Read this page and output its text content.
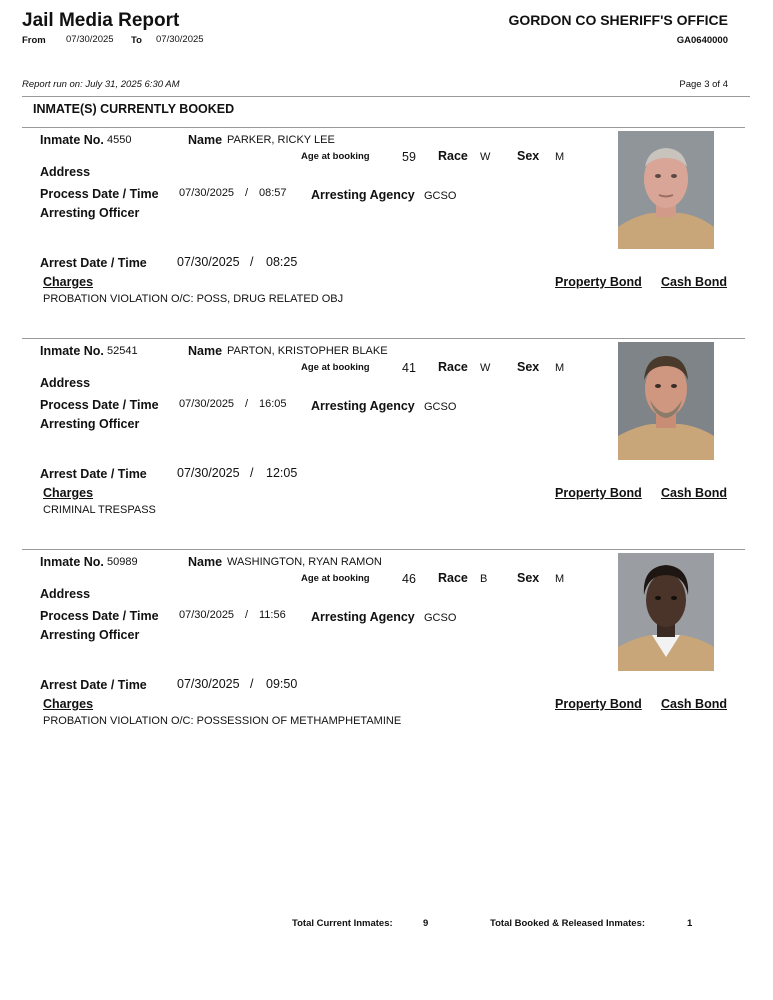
Jail Media Report
From 07/30/2025 To 07/30/2025
GORDON CO SHERIFF'S OFFICE
GA0640000
Report run on: July 31, 2025 6:30 AM	Page 3 of 4
INMATE(S) CURRENTLY BOOKED
Inmate No. 4550	Name PARKER, RICKY LEE
Age at booking	59 Race W Sex M
Address
Process Date / Time 07/30/2025 / 08:57 Arresting Agency GCSO
Arresting Officer
Arrest Date / Time 07/30/2025 / 08:25
Charges	Property Bond Cash Bond
PROBATION VIOLATION O/C: POSS, DRUG RELATED OBJ
Inmate No. 52541	Name PARTON, KRISTOPHER BLAKE
Age at booking	41 Race W Sex M
Address
Process Date / Time 07/30/2025 / 16:05 Arresting Agency GCSO
Arresting Officer
Arrest Date / Time 07/30/2025 / 12:05
Charges	Property Bond Cash Bond
CRIMINAL TRESPASS
Inmate No. 50989	Name WASHINGTON, RYAN RAMON
Age at booking	46 Race B Sex M
Address
Process Date / Time 07/30/2025 / 11:56 Arresting Agency GCSO
Arresting Officer
Arrest Date / Time 07/30/2025 / 09:50
Charges	Property Bond Cash Bond
PROBATION VIOLATION O/C: POSSESSION OF METHAMPHETAMINE
Total Current Inmates:	9	Total Booked & Released Inmates:	1
